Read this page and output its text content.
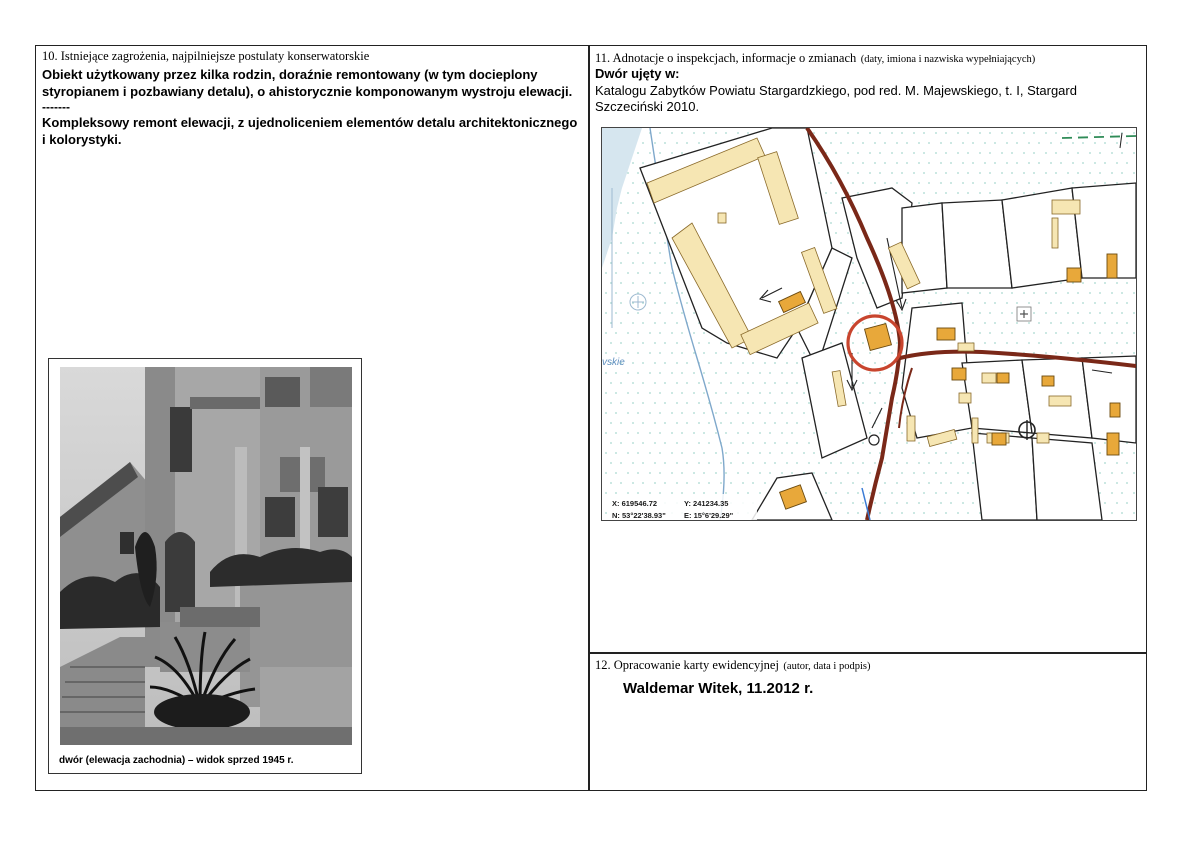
10. Istniejące zagrożenia, najpilniejsze postulaty konserwatorskie

Obiekt użytkowany przez kilka rodzin, doraźnie remontowany (w tym docieplony styropianem i pozbawiany detalu), o ahistorycznie komponowanym wystroju elewacji.

-------

Kompleksowy remont elewacji, z ujednoliceniem elementów detalu architektonicznego i kolorystyki.

dwór (elewacja zachodnia) – widok sprzed 1945 r.
11. Adnotacje o inspekcjach, informacje o zmianach (daty, imiona i nazwiska wypełniających)
Dwór ujęty w:
Katalogu Zabytków Powiatu Stargardzkiego, pod red. M. Majewskiego, t. I, Stargard Szczeciński 2010.
vskie
X: 619546.72	Y: 241234.35
N: 53°22'38.93" E: 15°6'29.29"
12. Opracowanie karty ewidencyjnej (autor, data i podpis)
Waldemar Witek, 11.2012 r.
